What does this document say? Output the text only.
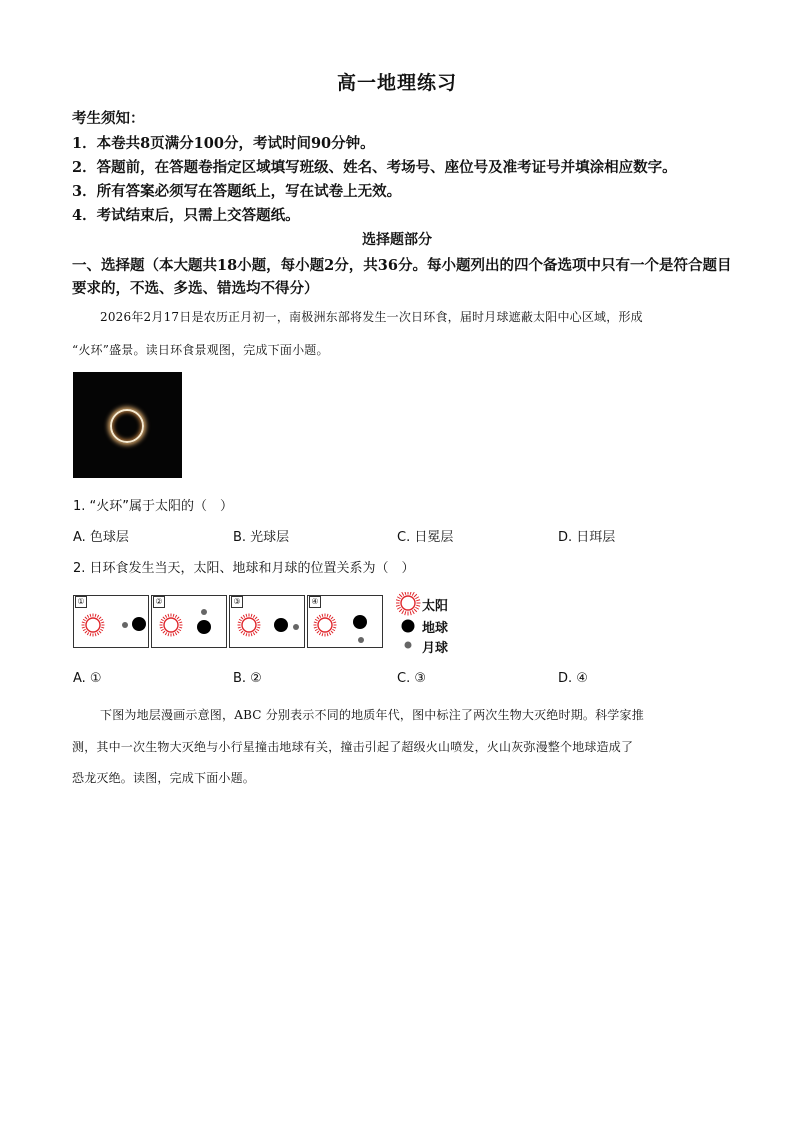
高一地理练习
考生须知：
1．本卷共8页满分100分，考试时间90分钟。
2．答题前，在答题卷指定区域填写班级、姓名、考场号、座位号及准考证号并填涂相应数字。
3．所有答案必须写在答题纸上，写在试卷上无效。
4．考试结束后，只需上交答题纸。
选择题部分
一、选择题（本大题共18小题，每小题2分，共36分。每小题列出的四个备选项中只有一个是符合题目要求的，不选、多选、错选均不得分）
2026年2月17日是农历正月初一，南极洲东部将发生一次日环食，届时月球遮蔽太阳中心区域，形成
“火环”盛景。读日环食景观图，完成下面小题。
1. “火环”属于太阳的（　）
A. 色球层	B. 光球层	C. 日冕层	D. 日珥层
2. 日环食发生当天，太阳、地球和月球的位置关系为（　）
①	②	③	④	太阳
地球
月球
A. ①	B. ②	C. ③	D. ④
下图为地层漫画示意图，ABC 分别表示不同的地质年代，图中标注了两次生物大灭绝时期。科学家推
测，其中一次生物大灭绝与小行星撞击地球有关，撞击引起了超级火山喷发，火山灰弥漫整个地球造成了
恐龙灭绝。读图，完成下面小题。
